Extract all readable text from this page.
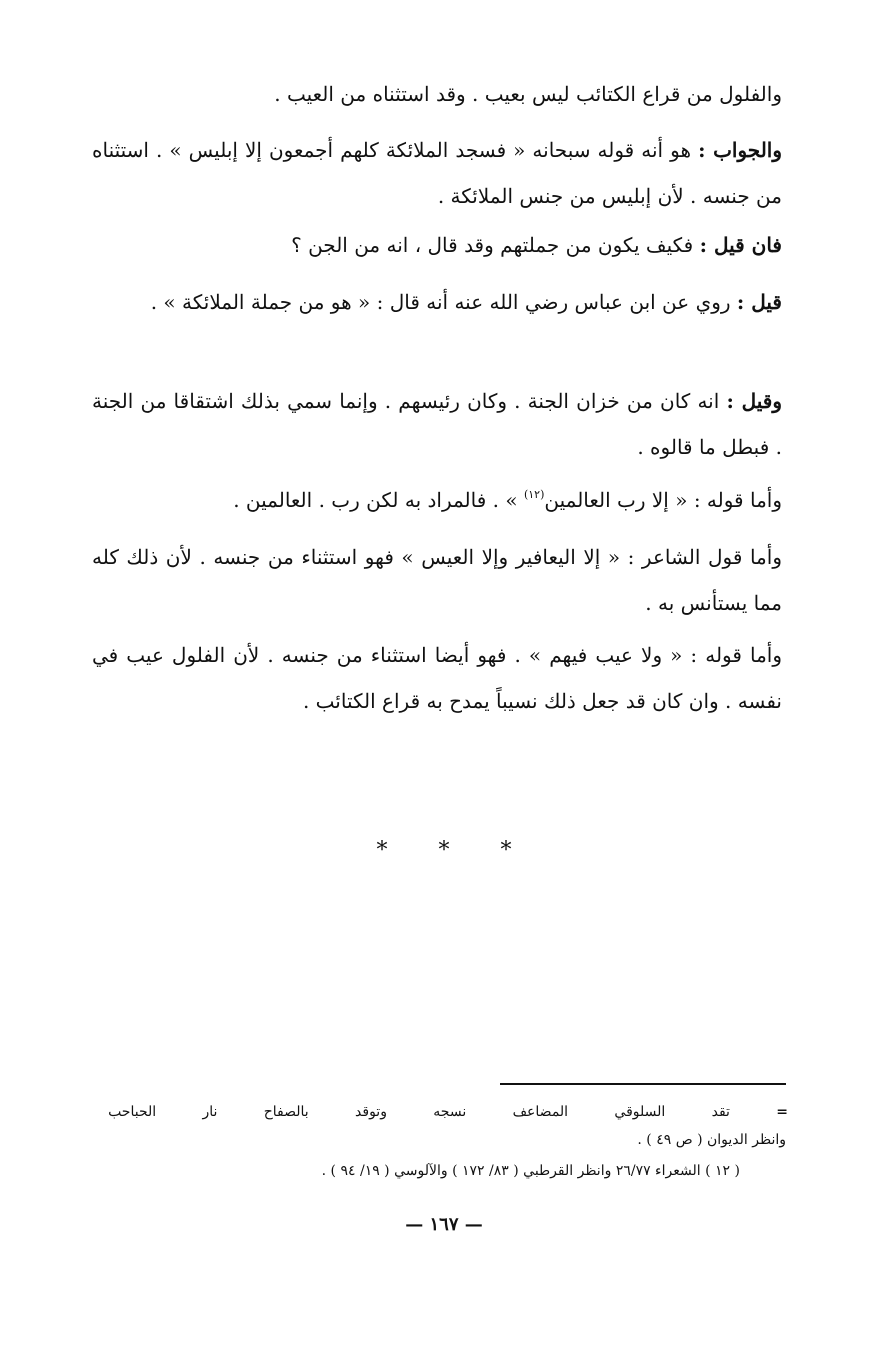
والفلول من قراع الكتائب ليس بعيب . وقد استثناه من العيب .
والجواب : هو أنه قوله سبحانه « فسجد الملائكة كلهم أجمعون إلا إبليس » . استثناه من جنسه . لأن إبليس من جنس الملائكة .
فان قيل : فكيف يكون من جملتهم وقد قال ، انه من الجن ؟
قيل : روي عن ابن عباس رضي الله عنه أنه قال : « هو من جملة الملائكة » .
وقيل : انه كان من خزان الجنة . وكان رئيسهم . وإنما سمي بذلك اشتقاقا من الجنة . فبطل ما قالوه .
وأما قوله : « إلا رب العالمين$^{(١٢)}$ » . فالمراد به لكن رب . العالمين .
وأما قول الشاعر : « إلا اليعافير وإلا العيس » فهو استثناء من جنسه . لأن ذلك كله مما يستأنس به .
وأما قوله : « ولا عيب فيهم » . فهو أيضا استثناء من جنسه . لأن الفلول عيب في نفسه . وان كان قد جعل ذلك نسيباً يمدح به قراع الكتائب .
* * *
=
تقد
السلوقي
المضاعف
نسجه
وتوقد
بالصفاح
نار
الحباحب
وانظر الديوان ( ص ٤٩ ) .
( ١٢ ) الشعراء ٢٦/٧٧ وانظر القرطبي ( ٨٣/ ١٧٢ ) والآلوسي ( ١٩/ ٩٤ ) .
— ١٦٧ —
